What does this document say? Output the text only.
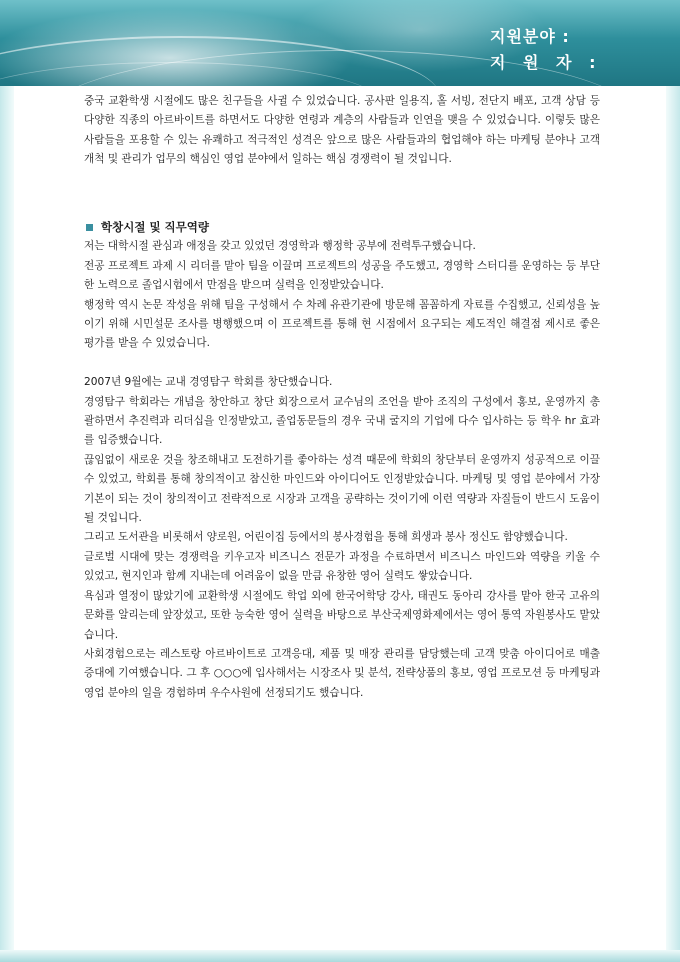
지원분야 :
지 원 자 :

중국 교환학생 시절에도 많은 친구들을 사귈 수 있었습니다. 공사판 일용직, 홀 서빙, 전단지 배포, 고객 상담 등 다양한 직종의 아르바이트를 하면서도 다양한 연령과 계층의 사람들과 인연을 맺을 수 있었습니다. 이렇듯 많은 사람들을 포용할 수 있는 유쾌하고 적극적인 성격은 앞으로 많은 사람들과의 협업해야 하는 마케팅 분야나 고객개척 및 관리가 업무의 핵심인 영업 분야에서 일하는 핵심 경쟁력이 될 것입니다.

학창시절 및 직무역량

저는 대학시절 관심과 애정을 갖고 있었던 경영학과 행정학 공부에 전력투구했습니다.

전공 프로젝트 과제 시 리더를 맡아 팀을 이끌며 프로젝트의 성공을 주도했고, 경영학 스터디를 운영하는 등 부단한 노력으로 졸업시험에서 만점을 받으며 실력을 인정받았습니다.

행정학 역시 논문 작성을 위해 팀을 구성해서 수 차례 유관기관에 방문해 꼼꼼하게 자료를 수집했고, 신뢰성을 높이기 위해 시민설문 조사를 병행했으며 이 프로젝트를 통해 현 시점에서 요구되는 제도적인 해결점 제시로 좋은 평가를 받을 수 있었습니다.

2007년 9월에는 교내 경영탐구 학회를 창단했습니다.

경영탐구 학회라는 개념을 창안하고 창단 회장으로서 교수님의 조언을 받아 조직의 구성에서 홍보, 운영까지 총괄하면서 추진력과 리더십을 인정받았고, 졸업동문들의 경우 국내 굴지의 기업에 다수 입사하는 등 학우 hr 효과를 입증했습니다.

끊임없이 새로운 것을 창조해내고 도전하기를 좋아하는 성격 때문에 학회의 창단부터 운영까지 성공적으로 이끌 수 있었고, 학회를 통해 창의적이고 참신한 마인드와 아이디어도 인정받았습니다. 마케팅 및 영업 분야에서 가장 기본이 되는 것이 창의적이고 전략적으로 시장과 고객을 공략하는 것이기에 이런 역량과 자질들이 반드시 도움이 될 것입니다.

그리고 도서관을 비롯해서 양로원, 어린이집 등에서의 봉사경험을 통해 희생과 봉사 정신도 함양했습니다.

글로벌 시대에 맞는 경쟁력을 키우고자 비즈니스 전문가 과정을 수료하면서 비즈니스 마인드와 역량을 키울 수 있었고, 현지인과 함께 지내는데 어려움이 없을 만큼 유창한 영어 실력도 쌓았습니다.

욕심과 열정이 많았기에 교환학생 시절에도 학업 외에 한국어학당 강사, 태권도 동아리 강사를 맡아 한국 고유의 문화를 알리는데 앞장섰고, 또한 능숙한 영어 실력을 바탕으로 부산국제영화제에서는 영어 통역 자원봉사도 맡았습니다.

사회경험으로는 레스토랑 아르바이트로 고객응대, 제품 및 매장 관리를 담당했는데 고객 맞춤 아이디어로 매출 증대에 기여했습니다. 그 후 ○○○에 입사해서는 시장조사 및 분석, 전략상품의 홍보, 영업 프로모션 등 마케팅과 영업 분야의 일을 경험하며 우수사원에 선정되기도 했습니다.
